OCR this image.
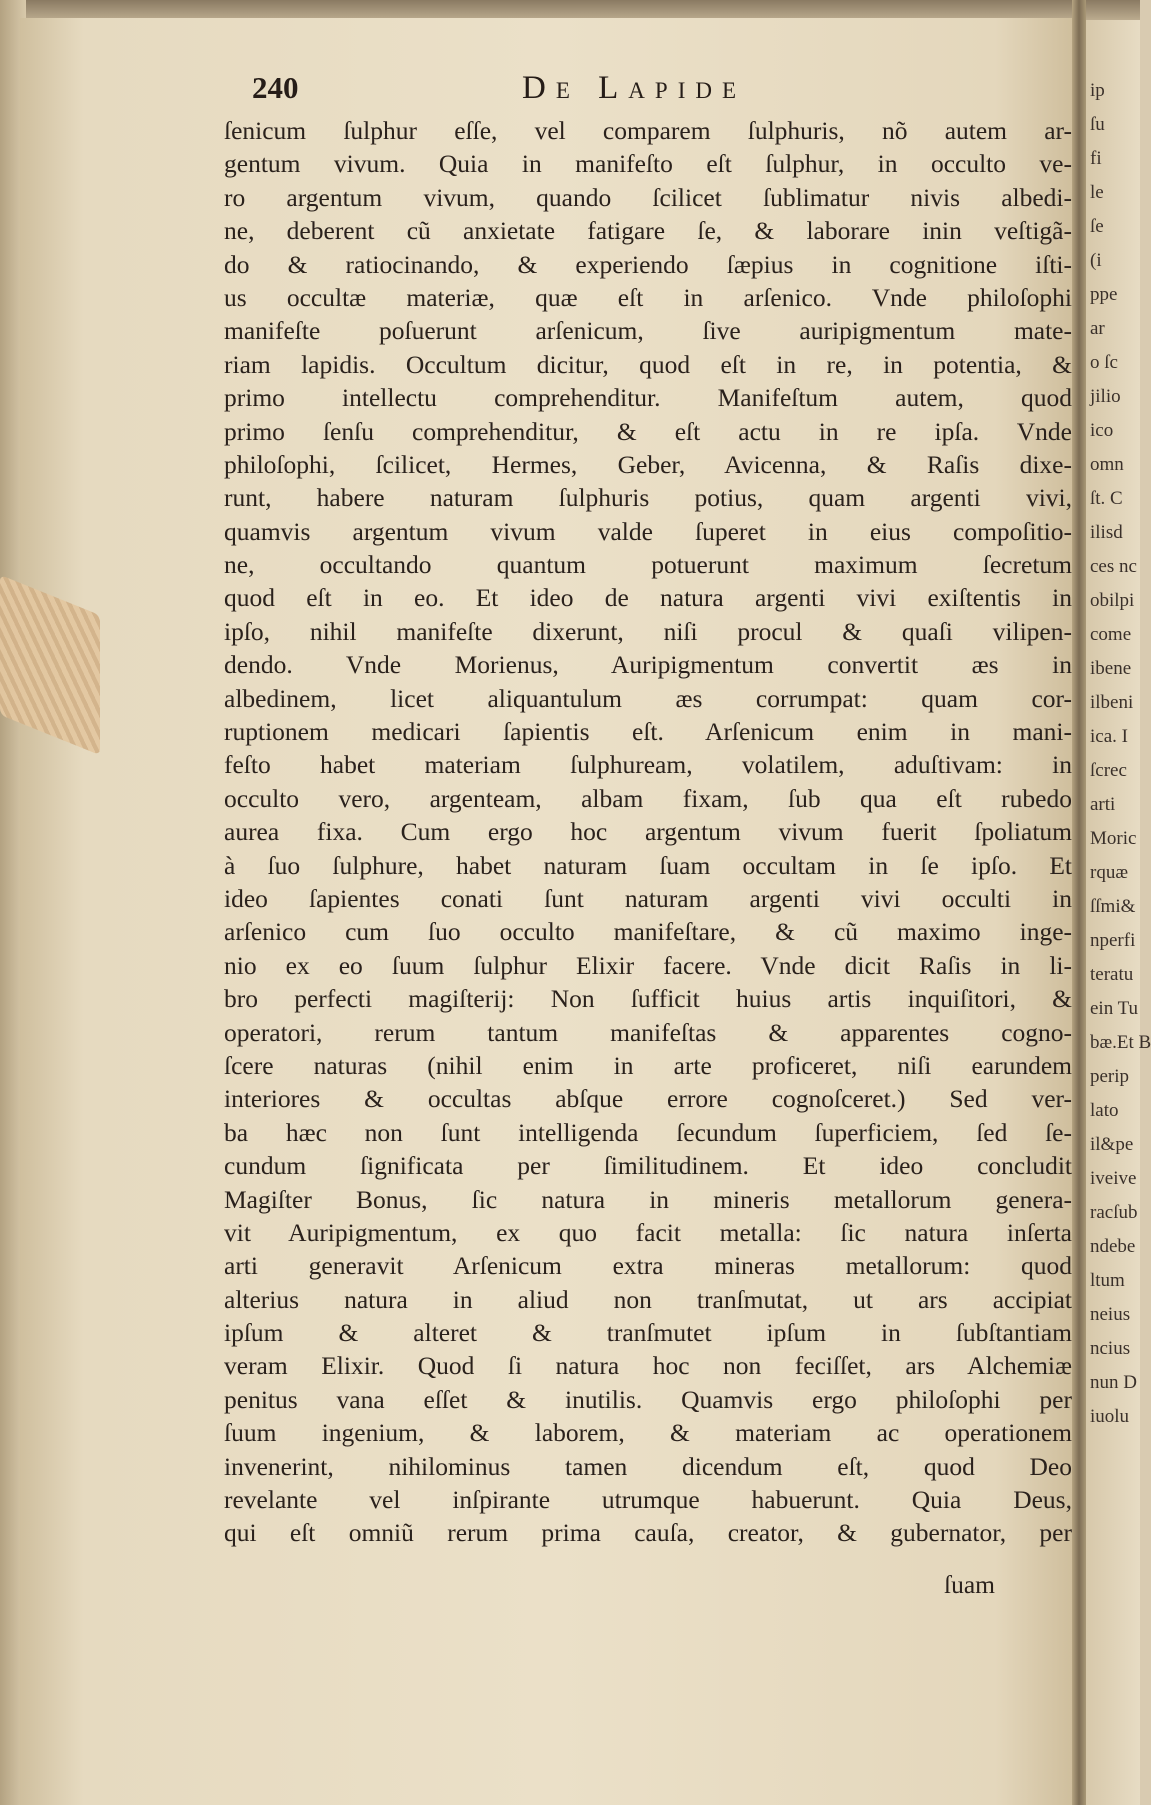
ip
ſu
fi
le
ſe
(i
ppe
ar
o ſc
jilio
ico
omn
ſt. C
ilisd
ces nc
obilpi
come
ibene
ilbeni
ica. I
ſcrec
arti
Moric
rquæ
ſſmi&
nperfi
teratu
ein Tu
bæ.Et B
perip
lato
il&pe
iveive
racſub
ndebe
ltum
neius
ncius
nun D
iuolu
240	De Lapide
ſenicum ſulphur eſſe, vel comparem ſulphuris, nõ autem ar-
gentum vivum. Quia in manifeſto eſt ſulphur, in occulto ve-
ro argentum vivum, quando ſcilicet ſublimatur nivis albedi-
ne, deberent cũ anxietate fatigare ſe, & laborare inin veſtigã-
do & ratiocinando, & experiendo ſæpius in cognitione iſti-
us occultæ materiæ, quæ eſt in arſenico. Vnde philoſophi
manifeſte poſuerunt arſenicum, ſive auripigmentum mate-
riam lapidis. Occultum dicitur, quod eſt in re, in potentia, &
primo intellectu comprehenditur. Manifeſtum autem, quod
primo ſenſu comprehenditur, & eſt actu in re ipſa. Vnde
philoſophi, ſcilicet, Hermes, Geber, Avicenna, & Raſis dixe-
runt, habere naturam ſulphuris potius, quam argenti vivi,
quamvis argentum vivum valde ſuperet in eius compoſitio-
ne, occultando quantum potuerunt maximum ſecretum
quod eſt in eo. Et ideo de natura argenti vivi exiſtentis in
ipſo, nihil manifeſte dixerunt, niſi procul & quaſi vilipen-
dendo. Vnde Morienus, Auripigmentum convertit æs in
albedinem, licet aliquantulum æs corrumpat: quam cor-
ruptionem medicari ſapientis eſt. Arſenicum enim in mani-
feſto habet materiam ſulphuream, volatilem, aduſtivam: in
occulto vero, argenteam, albam fixam, ſub qua eſt rubedo
aurea fixa. Cum ergo hoc argentum vivum fuerit ſpoliatum
à ſuo ſulphure, habet naturam ſuam occultam in ſe ipſo. Et
ideo ſapientes conati ſunt naturam argenti vivi occulti in
arſenico cum ſuo occulto manifeſtare, & cũ maximo inge-
nio ex eo ſuum ſulphur Elixir facere. Vnde dicit Raſis in li-
bro perfecti magiſterij: Non ſufficit huius artis inquiſitori, &
operatori, rerum tantum manifeſtas & apparentes cogno-
ſcere naturas (nihil enim in arte proficeret, niſi earundem
interiores & occultas abſque errore cognoſceret.) Sed ver-
ba hæc non ſunt intelligenda ſecundum ſuperficiem, ſed ſe-
cundum ſignificata per ſimilitudinem. Et ideo concludit
Magiſter Bonus, ſic natura in mineris metallorum genera-
vit Auripigmentum, ex quo facit metalla: ſic natura inſerta
arti generavit Arſenicum extra mineras metallorum: quod
alterius natura in aliud non tranſmutat, ut ars accipiat
ipſum & alteret & tranſmutet ipſum in ſubſtantiam
veram Elixir. Quod ſi natura hoc non feciſſet, ars Alchemiæ
penitus vana eſſet & inutilis. Quamvis ergo philoſophi per
ſuum ingenium, & laborem, & materiam ac operationem
invenerint, nihilominus tamen dicendum eſt, quod Deo
revelante vel inſpirante utrumque habuerunt. Quia Deus,
qui eſt omniũ rerum prima cauſa, creator, & gubernator, per
ſuam
